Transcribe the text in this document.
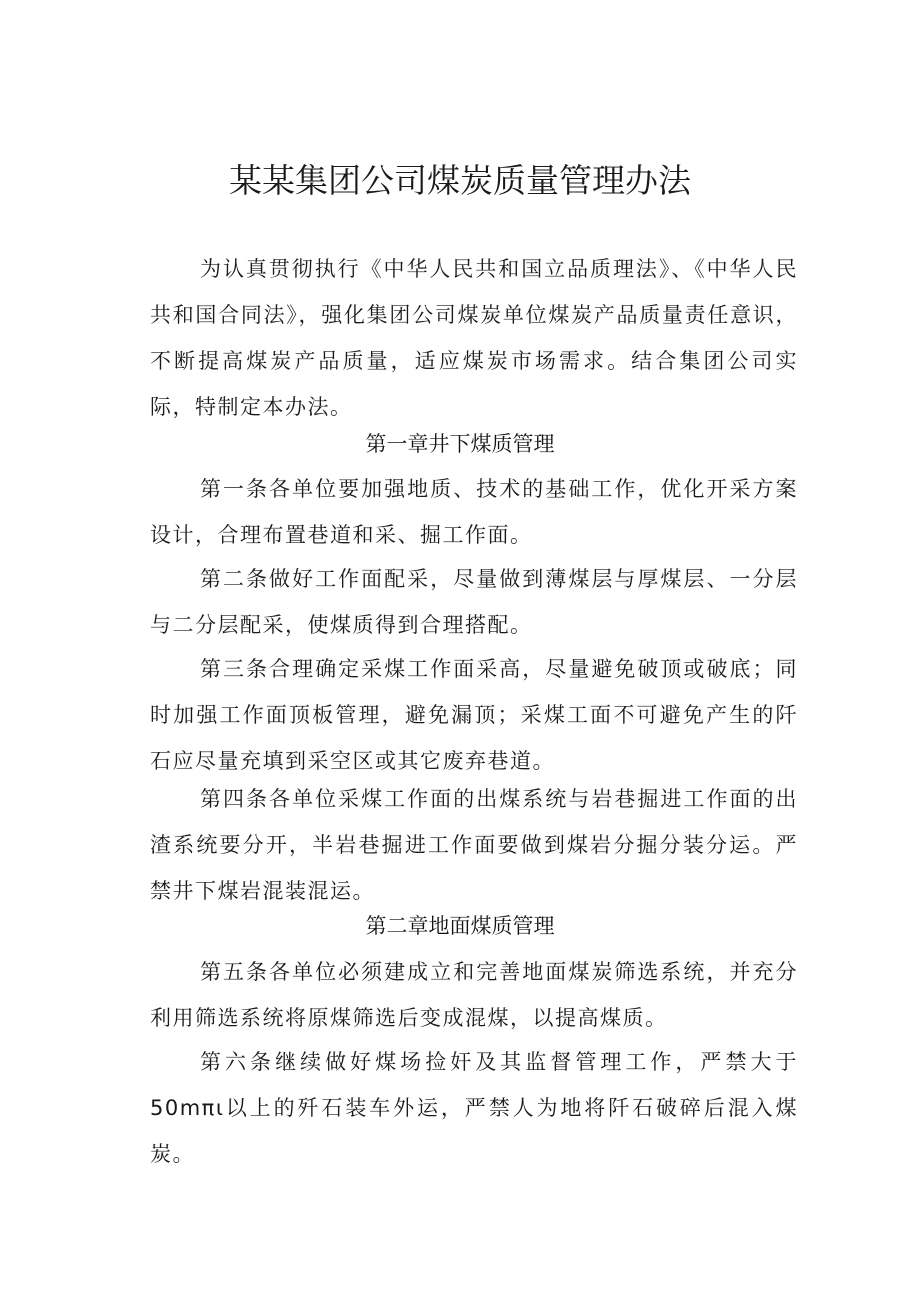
某某集团公司煤炭质量管理办法

为认真贯彻执行《中华人民共和国立品质理法》、《中华人民共和国合同法》，强化集团公司煤炭单位煤炭产品质量责任意识，不断提高煤炭产品质量，适应煤炭市场需求。结合集团公司实际，特制定本办法。

第一章井下煤质管理

第一条各单位要加强地质、技术的基础工作，优化开采方案设计，合理布置巷道和采、掘工作面。

第二条做好工作面配采，尽量做到薄煤层与厚煤层、一分层与二分层配采，使煤质得到合理搭配。

第三条合理确定采煤工作面采高，尽量避免破顶或破底；同时加强工作面顶板管理，避免漏顶；采煤工面不可避免产生的阡石应尽量充填到采空区或其它废弃巷道。

第四条各单位采煤工作面的出煤系统与岩巷掘进工作面的出渣系统要分开，半岩巷掘进工作面要做到煤岩分掘分装分运。严禁井下煤岩混装混运。

第二章地面煤质管理

第五条各单位必须建成立和完善地面煤炭筛选系统，并充分利用筛选系统将原煤筛选后变成混煤，以提高煤质。

第六条继续做好煤场捡奸及其监督管理工作，严禁大于50mπι以上的歼石装车外运，严禁人为地将阡石破碎后混入煤炭。
